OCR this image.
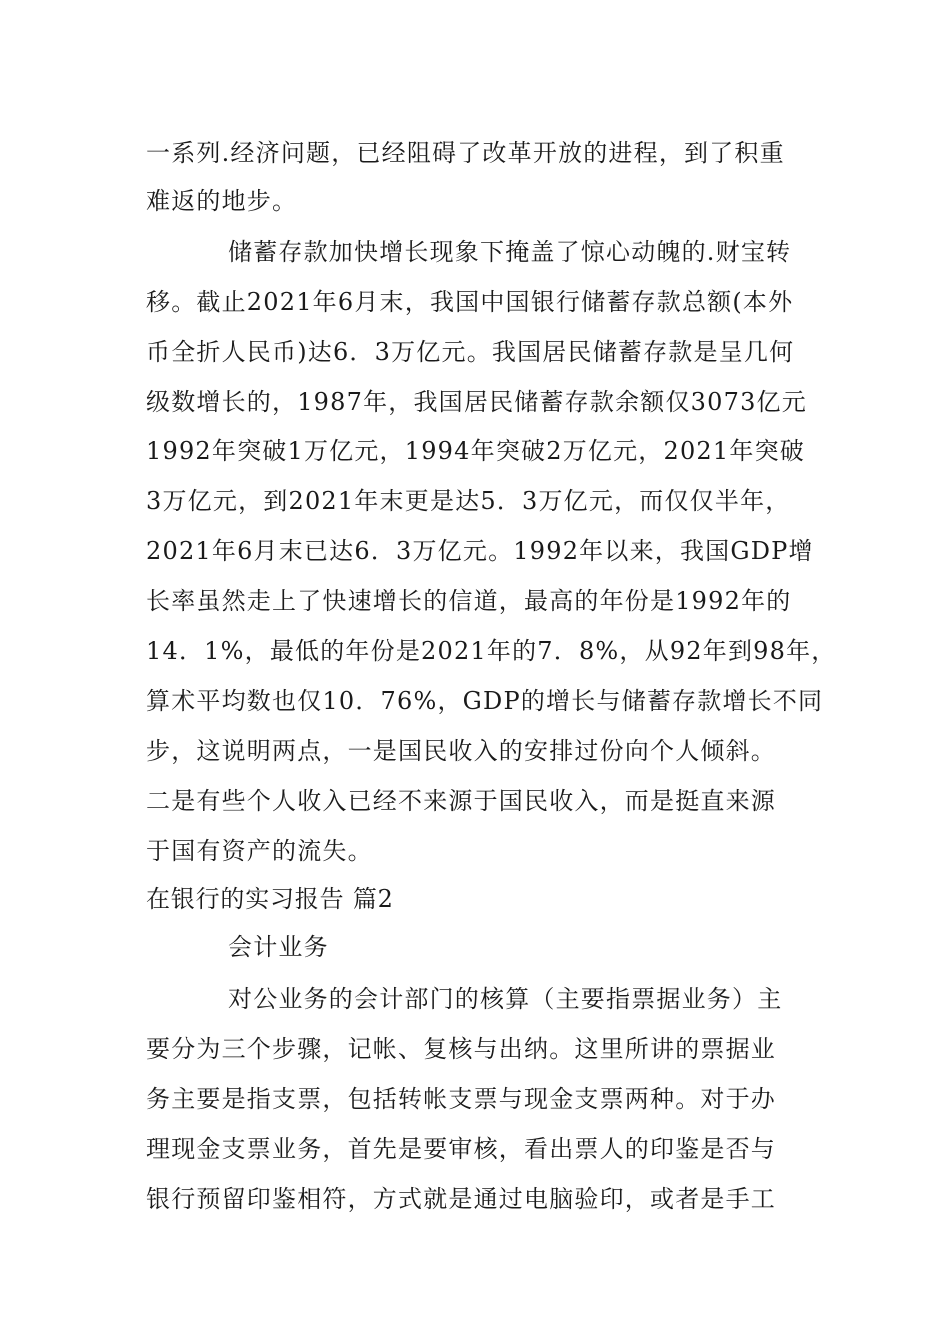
一系列.经济问题，已经阻碍了改革开放的进程，到了积重
难返的地步。
储蓄存款加快增长现象下掩盖了惊心动魄的.财宝转
移。截止2021年6月末，我国中国银行储蓄存款总额(本外
币全折人民币)达6．3万亿元。我国居民储蓄存款是呈几何
级数增长的，1987年，我国居民储蓄存款余额仅3073亿元
1992年突破1万亿元，1994年突破2万亿元，2021年突破
3万亿元，到2021年末更是达5．3万亿元，而仅仅半年，
2021年6月末已达6．3万亿元。1992年以来，我国GDP增
长率虽然走上了快速增长的信道，最高的年份是1992年的
14．1%，最低的年份是2021年的7．8%，从92年到98年，
算术平均数也仅10．76%，GDP的增长与储蓄存款增长不同
步，这说明两点，一是国民收入的安排过份向个人倾斜。
二是有些个人收入已经不来源于国民收入，而是挺直来源
于国有资产的流失。
在银行的实习报告 篇2
会计业务
对公业务的会计部门的核算（主要指票据业务）主
要分为三个步骤，记帐、复核与出纳。这里所讲的票据业
务主要是指支票，包括转帐支票与现金支票两种。对于办
理现金支票业务，首先是要审核，看出票人的印鉴是否与
银行预留印鉴相符，方式就是通过电脑验印，或者是手工
